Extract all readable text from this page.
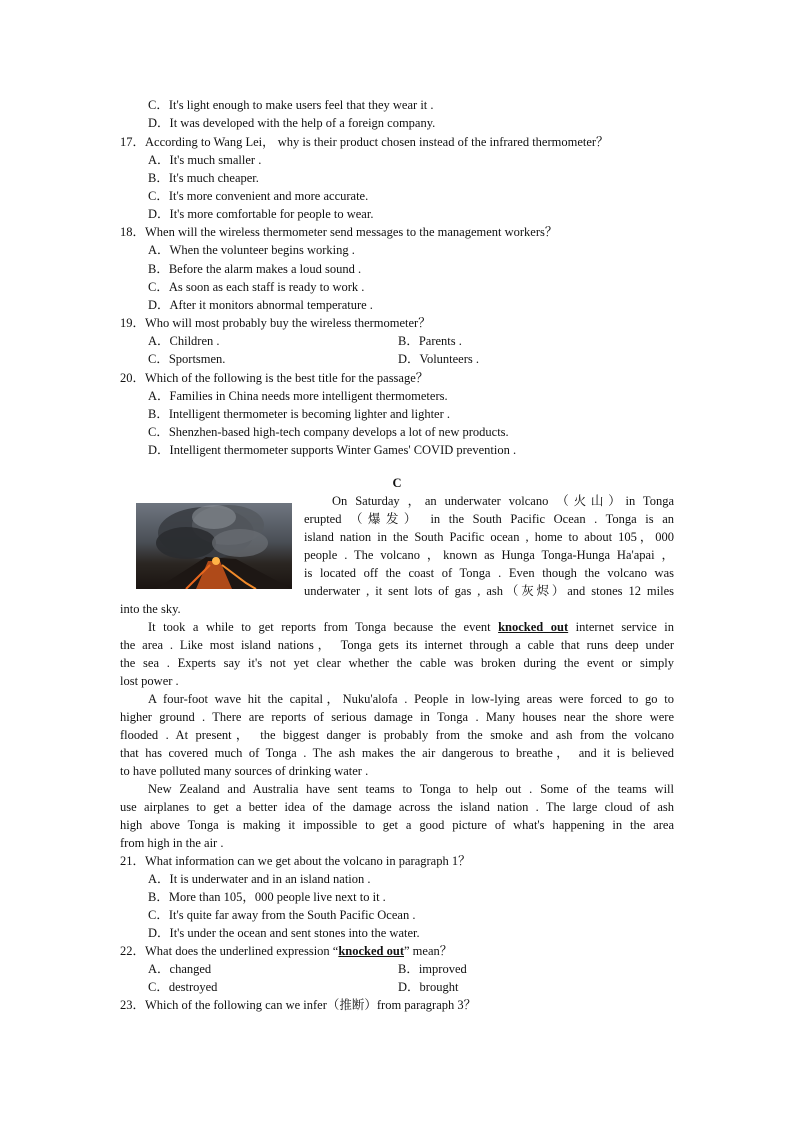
C．It's light enough to make users feel that they wear it .
D．It was developed with the help of a foreign company.
17．According to Wang Lei， why is their product chosen instead of the infrared thermometer？
A．It's much smaller .
B．It's much cheaper.
C．It's more convenient and more accurate.
D．It's more comfortable for people to wear.
18．When will the wireless thermometer send messages to the management workers？
A．When the volunteer begins working .
B．Before the alarm makes a loud sound .
C．As soon as each staff is ready to work .
D．After it monitors abnormal temperature .
19．Who will most probably buy the wireless thermometer？
A．Children .	B．Parents .
C．Sportsmen.	D．Volunteers .
20．Which of the following is the best title for the passage？
A．Families in China needs more intelligent thermometers.
B．Intelligent thermometer is becoming lighter and lighter .
C．Shenzhen-based high-tech company develops a lot of new products.
D．Intelligent thermometer supports Winter Games' COVID prevention .
C
On Saturday ，an underwater volcano （火山）in Tonga
erupted （爆发） in the South Pacific Ocean . Tonga is an
island nation in the South Pacific ocean , home to about 105，000
people . The volcano ，known as Hunga Tonga-Hunga Ha'apai ，
is located off the coast of Tonga . Even though the volcano was
underwater , it sent lots of gas , ash（灰烬）and stones 12 miles
into the sky.
It took a while to get reports from Tonga because the event knocked out internet service in
the area . Like most island nations， Tonga gets its internet through a cable that runs deep under
the sea . Experts say it's not yet clear whether the cable was broken during the event or simply
lost power .
A four-foot wave hit the capital，Nuku'alofa . People in low-lying areas were forced to go to
higher ground . There are reports of serious damage in Tonga . Many houses near the shore were
flooded . At present， the biggest danger is probably from the smoke and ash from the volcano
that has covered much of Tonga . The ash makes the air dangerous to breathe， and it is believed
to have polluted many sources of drinking water .
New Zealand and Australia have sent teams to Tonga to help out . Some of the teams will
use airplanes to get a better idea of the damage across the island nation . The large cloud of ash
high above Tonga is making it impossible to get a good picture of what's happening in the area
from high in the air .
21．What information can we get about the volcano in paragraph 1？
A．It is underwater and in an island nation .
B．More than 105，000 people live next to it .
C．It's quite far away from the South Pacific Ocean .
D．It's under the ocean and sent stones into the water.
22．What does the underlined expression “knocked out” mean？
A．changed	B．improved
C．destroyed	D．brought
23．Which of the following can we infer（推断）from paragraph 3？
